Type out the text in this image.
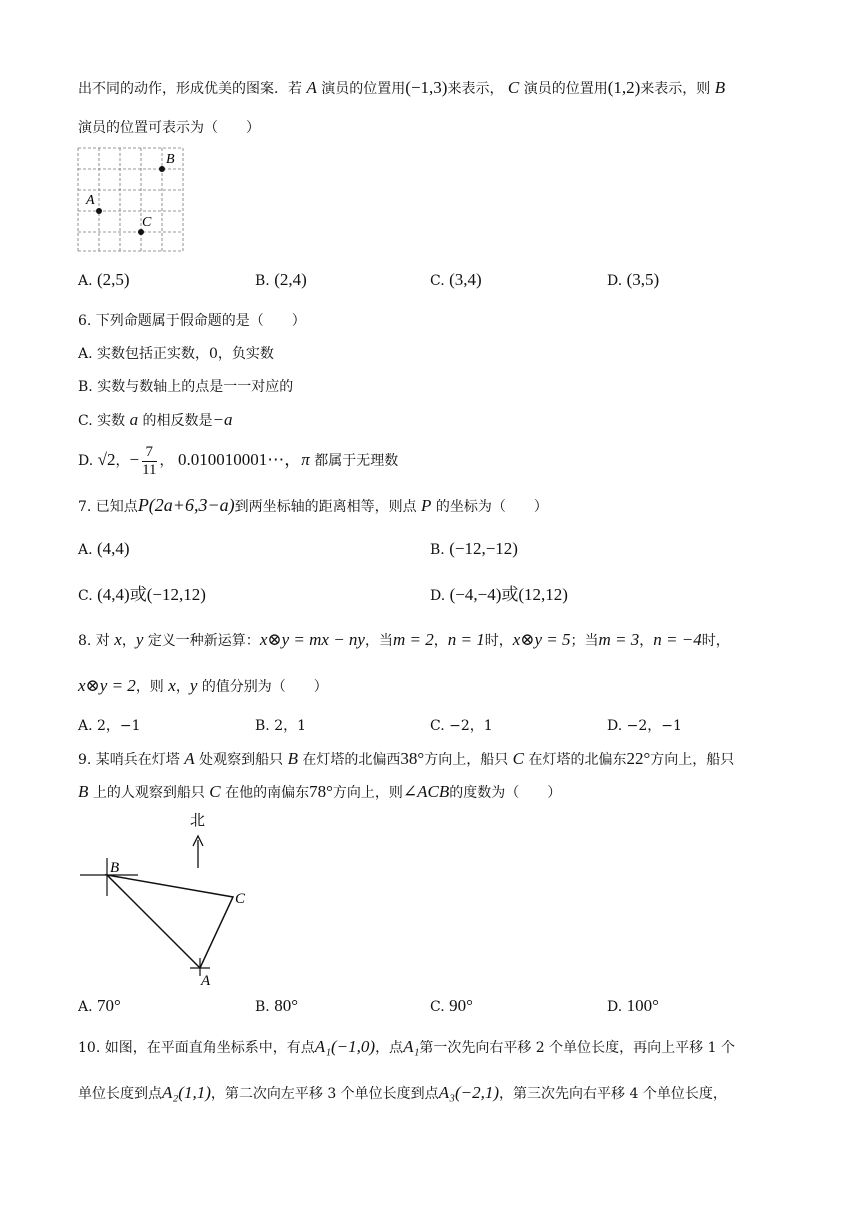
出不同的动作，形成优美的图案．若 A 演员的位置用(−1,3)来表示， C 演员的位置用(1,2)来表示，则 B
演员的位置可表示为（　　）
B
A
C
A. (2,5)	B. (2,4)	C. (3,4)	D. (3,5)
6. 下列命题属于假命题的是（　　）
A. 实数包括正实数，0，负实数
B. 实数与数轴上的点是一一对应的
C. 实数 a 的相反数是−a
D. √2，− $\frac{7}{11}$ ， 0.010010001⋯，π 都属于无理数
7. 已知点P(2a+6,3−a)到两坐标轴的距离相等，则点 P 的坐标为（　　）
A. (4,4)	B. (−12,−12)
C. (4,4)或(−12,12)	D. (−4,−4)或(12,12)
8. 对 x，y 定义一种新运算：x⊗y = mx − ny，当m = 2，n = 1时，x⊗y = 5；当m = 3，n = −4时，
x⊗y = 2，则 x，y 的值分别为（　　）
A. 2，−1	B. 2，1	C. −2，1	D. −2，−1
9. 某哨兵在灯塔 A 处观察到船只 B 在灯塔的北偏西38°方向上，船只 C 在灯塔的北偏东22°方向上，船只
B 上的人观察到船只 C 在他的南偏东78°方向上，则∠ACB的度数为（　　）
北
B
C
A
A. 70°	B. 80°	C. 90°	D. 100°
10. 如图，在平面直角坐标系中，有点A₁(−1,0)，点A₁第一次先向右平移 2 个单位长度，再向上平移 1 个
单位长度到点A₂(1,1)，第二次向左平移 3 个单位长度到点A₃(−2,1)，第三次先向右平移 4 个单位长度，
